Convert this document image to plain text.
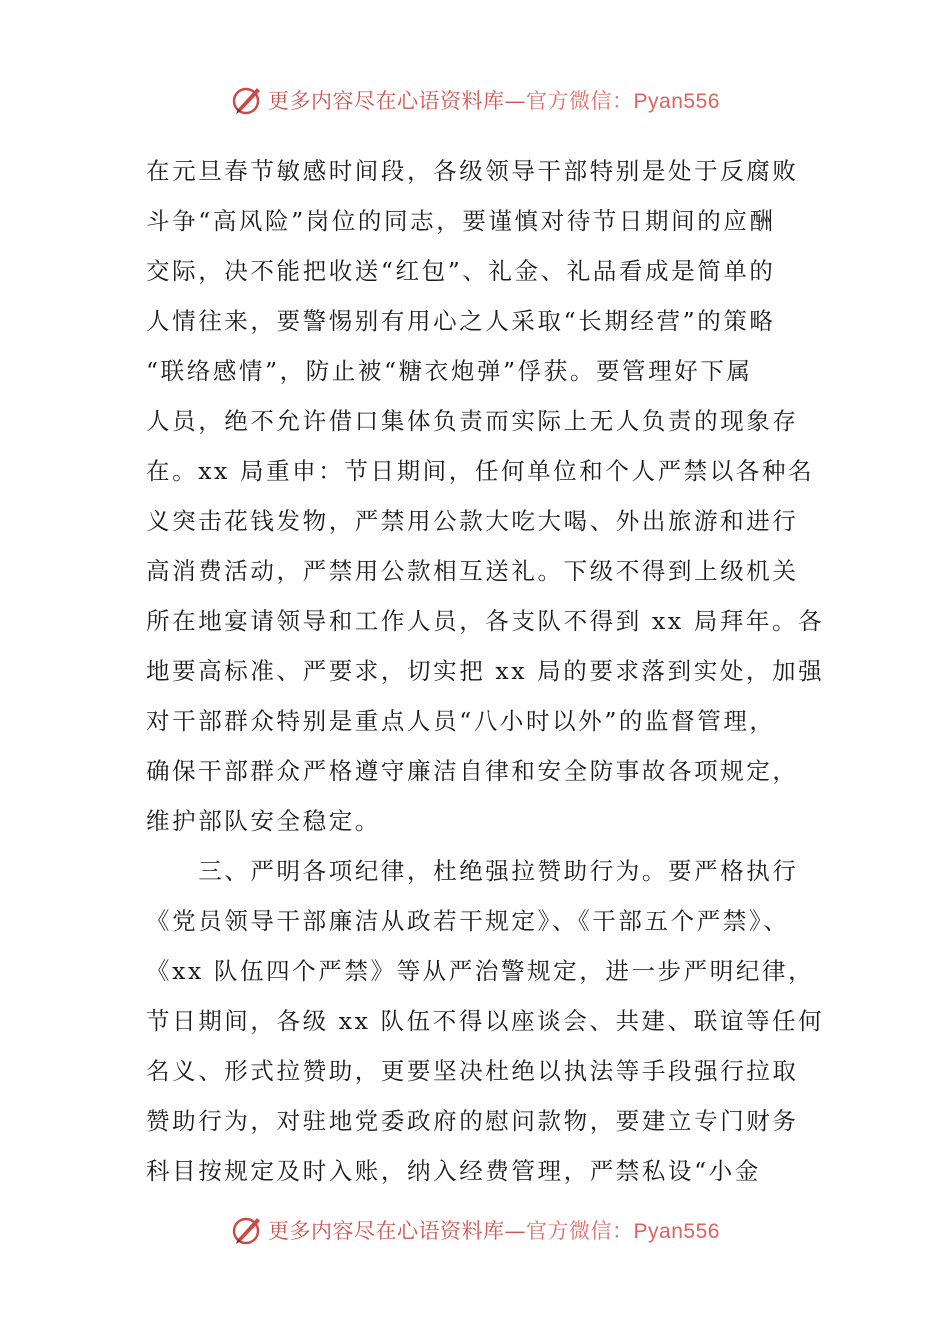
更多内容尽在心语资料库—官方微信：Pyan556
在元旦春节敏感时间段，各级领导干部特别是处于反腐败
斗争“高风险”岗位的同志，要谨慎对待节日期间的应酬
交际，决不能把收送“红包”、礼金、礼品看成是简单的
人情往来，要警惕别有用心之人采取“长期经营”的策略
“联络感情”，防止被“糖衣炮弹”俘获。要管理好下属
人员，绝不允许借口集体负责而实际上无人负责的现象存
在。xx 局重申：节日期间，任何单位和个人严禁以各种名
义突击花钱发物，严禁用公款大吃大喝、外出旅游和进行
高消费活动，严禁用公款相互送礼。下级不得到上级机关
所在地宴请领导和工作人员，各支队不得到 xx 局拜年。各
地要高标准、严要求，切实把 xx 局的要求落到实处，加强
对干部群众特别是重点人员“八小时以外”的监督管理，
确保干部群众严格遵守廉洁自律和安全防事故各项规定，
维护部队安全稳定。
　　三、严明各项纪律，杜绝强拉赞助行为。要严格执行
《党员领导干部廉洁从政若干规定》、《干部五个严禁》、
《xx 队伍四个严禁》等从严治警规定，进一步严明纪律，
节日期间，各级 xx 队伍不得以座谈会、共建、联谊等任何
名义、形式拉赞助，更要坚决杜绝以执法等手段强行拉取
赞助行为，对驻地党委政府的慰问款物，要建立专门财务
科目按规定及时入账，纳入经费管理，严禁私设“小金
更多内容尽在心语资料库—官方微信：Pyan556
